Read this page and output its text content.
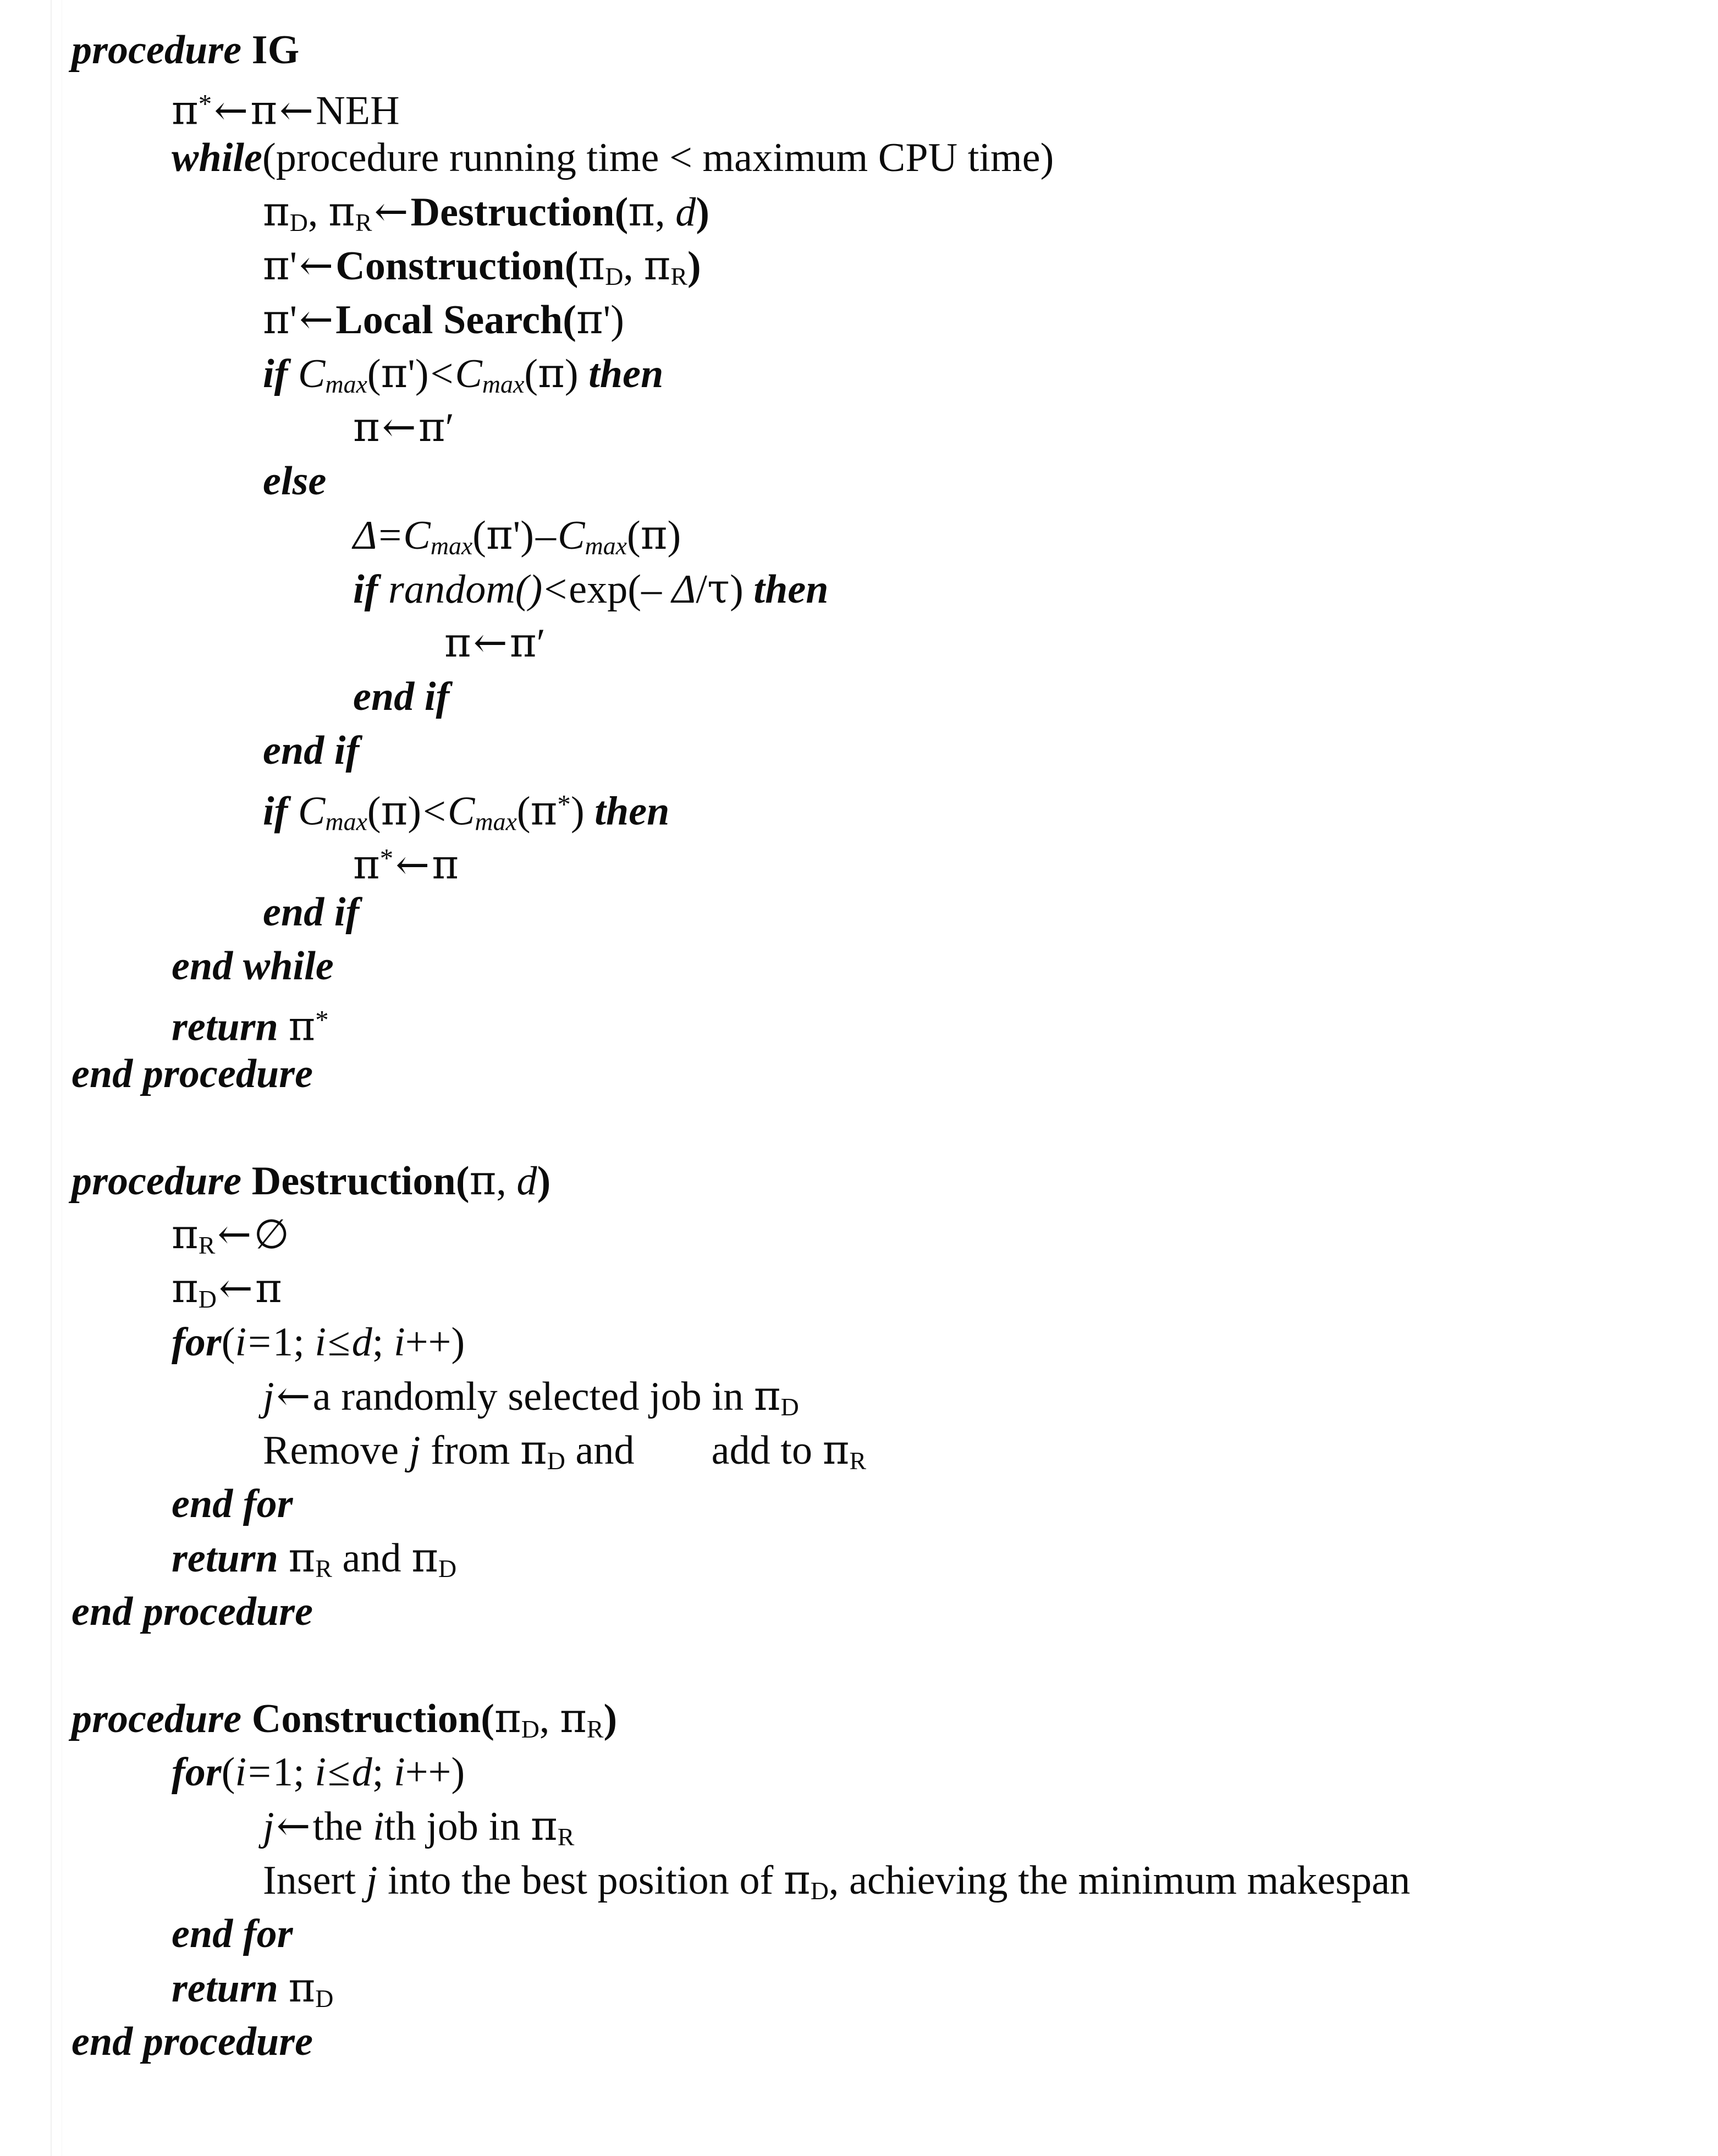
procedure IG
π*←π←NEH
while(procedure running time < maximum CPU time)
$\pi_D$, $\pi_R\leftarrow Destruction(\pi$, d)
$\pi'\leftarrow Construction(\pi_D$, $\pi_R$)
π'←Local Search(π')
if $C_{max}(\pi')<C_{max}(\pi)$ then
π←π′
else
$\Delta=C_{max}(\pi')-C_{max}(\pi)$
if random()<exp(– Δ/τ) then
π←π′
end if
end if
if $C_{max}(\pi)<C_{max}(\pi^*)$ then
π*←π
end if
end while
return π*
end procedure
procedure Destruction(π, d)
$\pi_R\leftarrow\emptyset$
$\pi_D\leftarrow\pi$
for(i=1; i≤d; i++)
j←a randomly selected job in $\pi_D$
Remove j from $\pi_D$ and add to $\pi_R$
end for
return $\pi_R$ and $\pi_D$
end procedure
procedure $Construction(\pi_D$, $\pi_R$)
for(i=1; i≤d; i++)
j←the ith job in $\pi_R$
Insert j into the best position of $\pi_D$, achieving the minimum makespan
end for
return $\pi_D$
end procedure
